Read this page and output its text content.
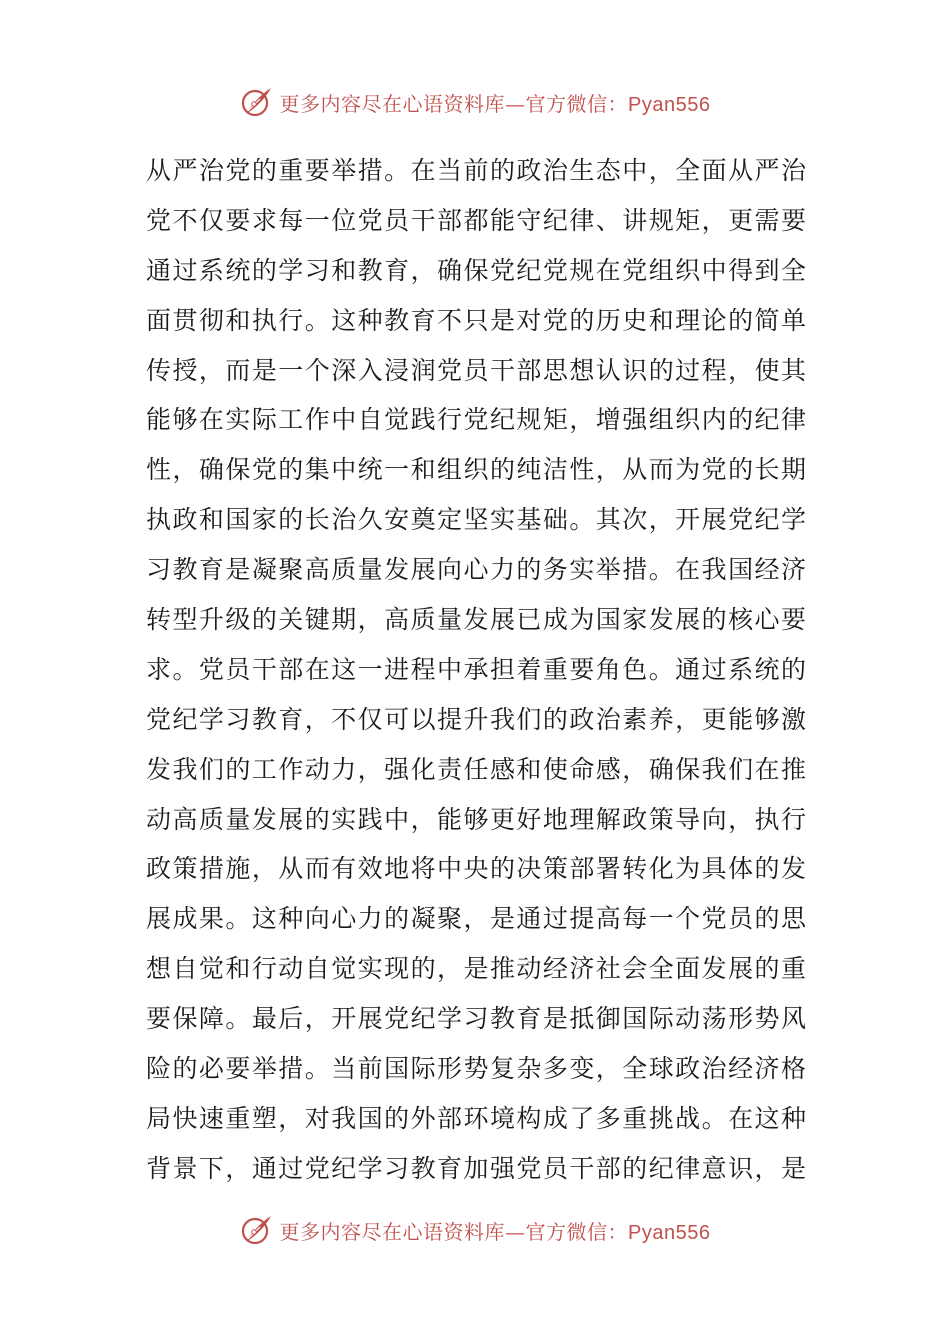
更多内容尽在心语资料库—官方微信：Pyan556
从严治党的重要举措。在当前的政治生态中，全面从严治
党不仅要求每一位党员干部都能守纪律、讲规矩，更需要
通过系统的学习和教育，确保党纪党规在党组织中得到全
面贯彻和执行。这种教育不只是对党的历史和理论的简单
传授，而是一个深入浸润党员干部思想认识的过程，使其
能够在实际工作中自觉践行党纪规矩，增强组织内的纪律
性，确保党的集中统一和组织的纯洁性，从而为党的长期
执政和国家的长治久安奠定坚实基础。其次，开展党纪学
习教育是凝聚高质量发展向心力的务实举措。在我国经济
转型升级的关键期，高质量发展已成为国家发展的核心要
求。党员干部在这一进程中承担着重要角色。通过系统的
党纪学习教育，不仅可以提升我们的政治素养，更能够激
发我们的工作动力，强化责任感和使命感，确保我们在推
动高质量发展的实践中，能够更好地理解政策导向，执行
政策措施，从而有效地将中央的决策部署转化为具体的发
展成果。这种向心力的凝聚，是通过提高每一个党员的思
想自觉和行动自觉实现的，是推动经济社会全面发展的重
要保障。最后，开展党纪学习教育是抵御国际动荡形势风
险的必要举措。当前国际形势复杂多变，全球政治经济格
局快速重塑，对我国的外部环境构成了多重挑战。在这种
背景下，通过党纪学习教育加强党员干部的纪律意识，是
更多内容尽在心语资料库—官方微信：Pyan556
